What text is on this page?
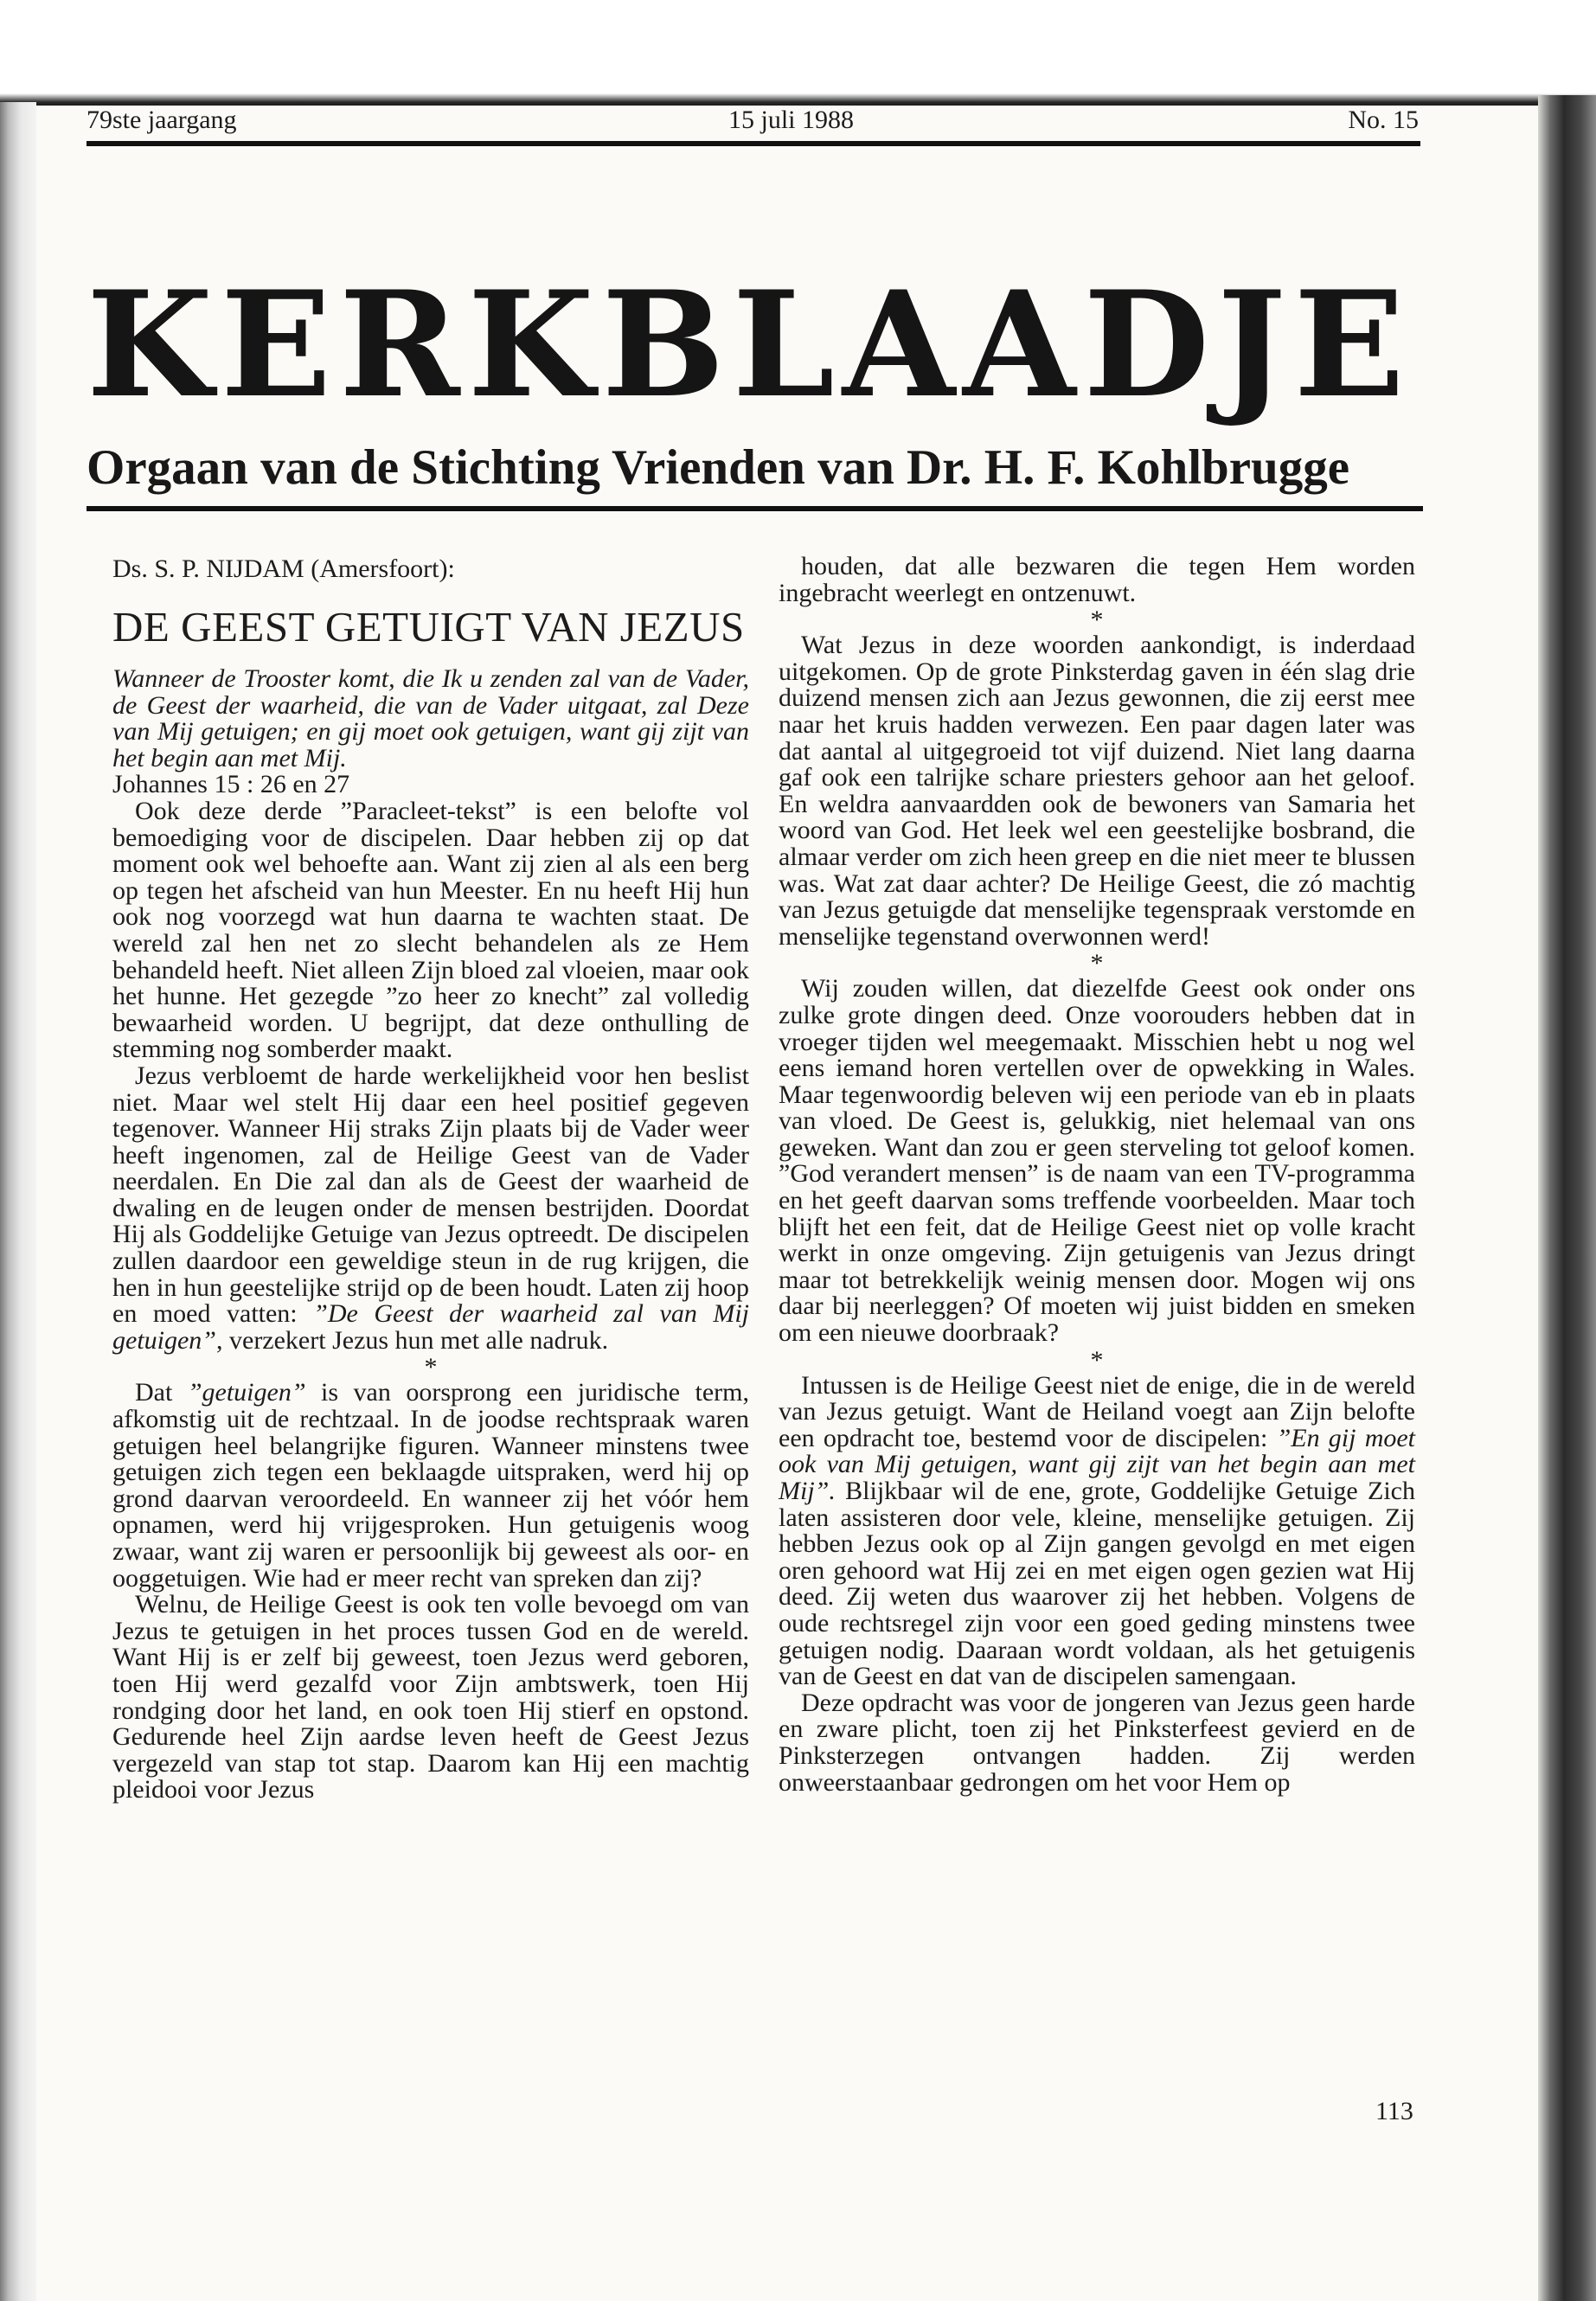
79ste jaargang	15 juli 1988	No. 15
KERKBLAADJE
Orgaan van de Stichting Vrienden van Dr. H. F. Kohlbrugge

Ds. S. P. NIJDAM (Amersfoort):

DE GEEST GETUIGT VAN JEZUS

Wanneer de Trooster komt, die Ik u zenden zal van de Vader, de Geest der waarheid, die van de Vader uitgaat, zal Deze van Mij getuigen; en gij moet ook getuigen, want gij zijt van het begin aan met Mij.

Johannes 15 : 26 en 27

Ook deze derde ”Paracleet-tekst” is een belofte vol bemoediging voor de discipelen. Daar hebben zij op dat moment ook wel behoefte aan. Want zij zien al als een berg op tegen het afscheid van hun Meester. En nu heeft Hij hun ook nog voorzegd wat hun daarna te wachten staat. De wereld zal hen net zo slecht behandelen als ze Hem behandeld heeft. Niet alleen Zijn bloed zal vloeien, maar ook het hunne. Het gezegde ”zo heer zo knecht” zal volledig bewaarheid worden. U begrijpt, dat deze onthulling de stemming nog somberder maakt.

Jezus verbloemt de harde werkelijkheid voor hen beslist niet. Maar wel stelt Hij daar een heel positief gegeven tegenover. Wanneer Hij straks Zijn plaats bij de Vader weer heeft ingenomen, zal de Heilige Geest van de Vader neerdalen. En Die zal dan als de Geest der waarheid de dwaling en de leugen onder de mensen bestrijden. Doordat Hij als Goddelijke Getuige van Jezus optreedt. De discipelen zullen daardoor een geweldige steun in de rug krijgen, die hen in hun geestelijke strijd op de been houdt. Laten zij hoop en moed vatten: ”De Geest der waarheid zal van Mij getuigen”, verzekert Jezus hun met alle nadruk.

*

Dat ”getuigen” is van oorsprong een juridische term, afkomstig uit de rechtzaal. In de joodse rechtspraak waren getuigen heel belangrijke figuren. Wanneer minstens twee getuigen zich tegen een beklaagde uitspraken, werd hij op grond daarvan veroordeeld. En wanneer zij het vóór hem opnamen, werd hij vrijgesproken. Hun getuigenis woog zwaar, want zij waren er persoonlijk bij geweest als oor- en ooggetuigen. Wie had er meer recht van spreken dan zij?

Welnu, de Heilige Geest is ook ten volle bevoegd om van Jezus te getuigen in het proces tussen God en de wereld. Want Hij is er zelf bij geweest, toen Jezus werd geboren, toen Hij werd gezalfd voor Zijn ambtswerk, toen Hij rondging door het land, en ook toen Hij stierf en opstond. Gedurende heel Zijn aardse leven heeft de Geest Jezus vergezeld van stap tot stap. Daarom kan Hij een machtig pleidooi voor Jezus

houden, dat alle bezwaren die tegen Hem worden ingebracht weerlegt en ontzenuwt.

*

Wat Jezus in deze woorden aankondigt, is inderdaad uitgekomen. Op de grote Pinksterdag gaven in één slag drie duizend mensen zich aan Jezus gewonnen, die zij eerst mee naar het kruis hadden verwezen. Een paar dagen later was dat aantal al uitgegroeid tot vijf duizend. Niet lang daarna gaf ook een talrijke schare priesters gehoor aan het geloof. En weldra aanvaardden ook de bewoners van Samaria het woord van God. Het leek wel een geestelijke bosbrand, die almaar verder om zich heen greep en die niet meer te blussen was. Wat zat daar achter? De Heilige Geest, die zó machtig van Jezus getuigde dat menselijke tegenspraak verstomde en menselijke tegenstand overwonnen werd!

*

Wij zouden willen, dat diezelfde Geest ook onder ons zulke grote dingen deed. Onze voorouders hebben dat in vroeger tijden wel meegemaakt. Misschien hebt u nog wel eens iemand horen vertellen over de opwekking in Wales. Maar tegenwoordig beleven wij een periode van eb in plaats van vloed. De Geest is, gelukkig, niet helemaal van ons geweken. Want dan zou er geen sterveling tot geloof komen. ”God verandert mensen” is de naam van een TV-programma en het geeft daarvan soms treffende voorbeelden. Maar toch blijft het een feit, dat de Heilige Geest niet op volle kracht werkt in onze omgeving. Zijn getuigenis van Jezus dringt maar tot betrekkelijk weinig mensen door. Mogen wij ons daar bij neerleggen? Of moeten wij juist bidden en smeken om een nieuwe doorbraak?

*

Intussen is de Heilige Geest niet de enige, die in de wereld van Jezus getuigt. Want de Heiland voegt aan Zijn belofte een opdracht toe, bestemd voor de discipelen: ”En gij moet ook van Mij getuigen, want gij zijt van het begin aan met Mij”. Blijkbaar wil de ene, grote, Goddelijke Getuige Zich laten assisteren door vele, kleine, menselijke getuigen. Zij hebben Jezus ook op al Zijn gangen gevolgd en met eigen oren gehoord wat Hij zei en met eigen ogen gezien wat Hij deed. Zij weten dus waarover zij het hebben. Volgens de oude rechtsregel zijn voor een goed geding minstens twee getuigen nodig. Daaraan wordt voldaan, als het getuigenis van de Geest en dat van de discipelen samengaan.

Deze opdracht was voor de jongeren van Jezus geen harde en zware plicht, toen zij het Pinksterfeest gevierd en de Pinksterzegen ontvangen hadden. Zij werden onweerstaanbaar gedrongen om het voor Hem op

113
